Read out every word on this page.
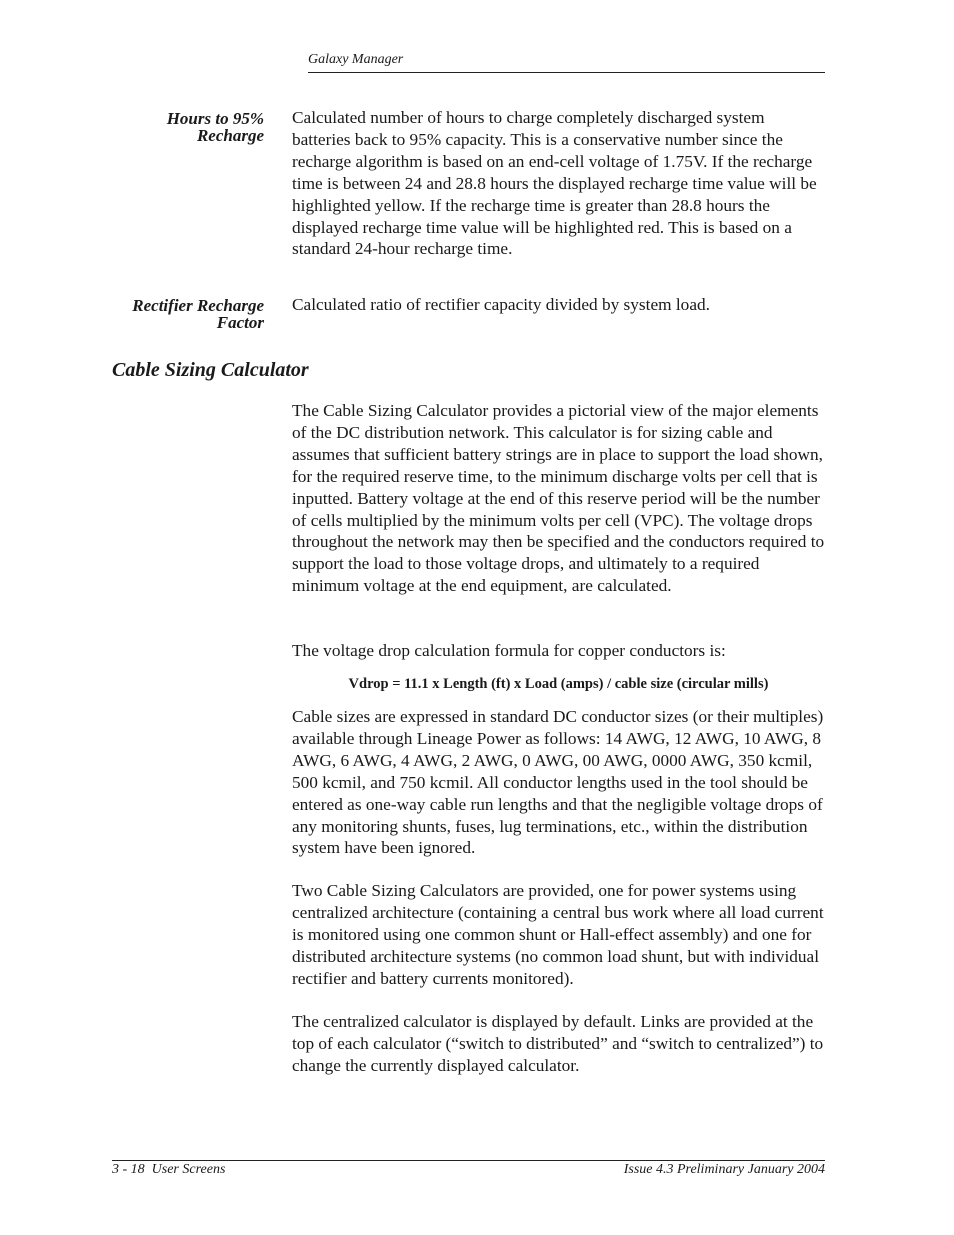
Galaxy Manager
Hours to 95%
Recharge

Calculated number of hours to charge completely discharged system batteries back to 95% capacity. This is a conservative number since the recharge algorithm is based on an end-cell voltage of 1.75V. If the recharge time is between 24 and 28.8 hours the displayed recharge time value will be highlighted yellow. If the recharge time is greater than 28.8 hours the displayed recharge time value will be highlighted red. This is based on a standard 24-hour recharge time.

Rectifier Recharge
Factor

Calculated ratio of rectifier capacity divided by system load.

Cable Sizing Calculator

The Cable Sizing Calculator provides a pictorial view of the major elements of the DC distribution network. This calculator is for sizing cable and assumes that sufficient battery strings are in place to support the load shown, for the required reserve time, to the minimum discharge volts per cell that is inputted. Battery voltage at the end of this reserve period will be the number of cells multiplied by the minimum volts per cell (VPC). The voltage drops throughout the network may then be specified and the conductors required to support the load to those voltage drops, and ultimately to a required minimum voltage at the end equipment, are calculated.

The voltage drop calculation formula for copper conductors is:

Vdrop = 11.1 x Length (ft) x Load (amps) / cable size (circular mills)

Cable sizes are expressed in standard DC conductor sizes (or their multiples) available through Lineage Power as follows: 14 AWG, 12 AWG, 10 AWG, 8 AWG, 6 AWG, 4 AWG, 2 AWG, 0 AWG, 00 AWG, 0000 AWG, 350 kcmil, 500 kcmil, and 750 kcmil. All conductor lengths used in the tool should be entered as one-way cable run lengths and that the negligible voltage drops of any monitoring shunts, fuses, lug terminations, etc., within the distribution system have been ignored.

Two Cable Sizing Calculators are provided, one for power systems using centralized architecture (containing a central bus work where all load current is monitored using one common shunt or Hall-effect assembly) and one for distributed architecture systems (no common load shunt, but with individual rectifier and battery currents monitored).

The centralized calculator is displayed by default. Links are provided at the top of each calculator (“switch to distributed” and “switch to centralized”) to change the currently displayed calculator.

3 - 18  User Screens	Issue 4.3 Preliminary January 2004
